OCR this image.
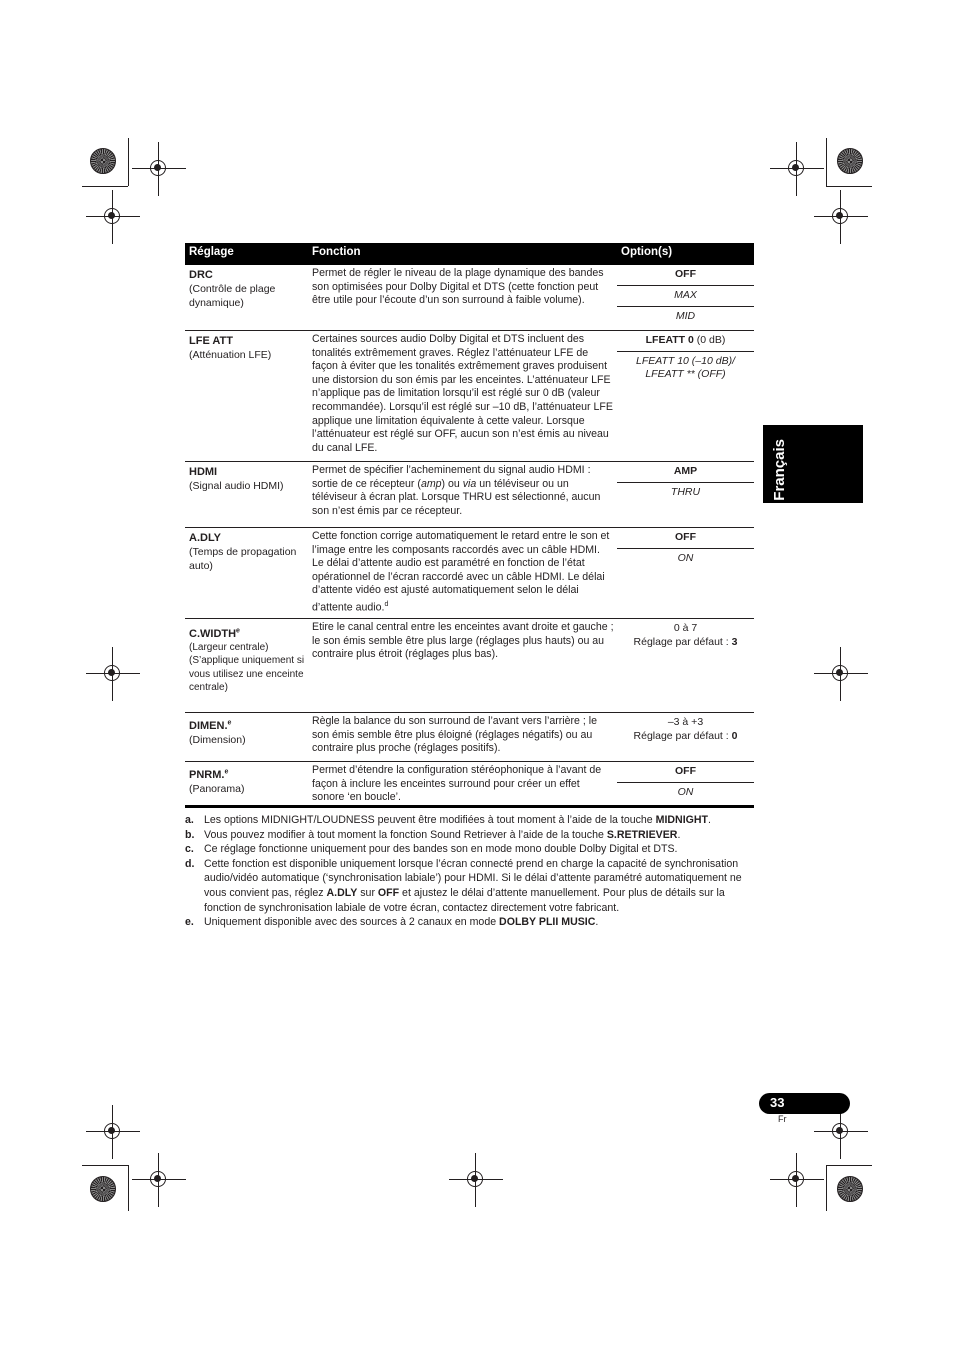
Français
Réglage	Fonction	Option(s)
DRC
(Contrôle de plage dynamique)
Permet de régler le niveau de la plage dynamique des bandes son optimisées pour Dolby Digital et DTS (cette fonction peut être utile pour l’écoute d’un son surround à faible volume).
OFF
MAX
MID
LFE ATT
(Atténuation LFE)
Certaines sources audio Dolby Digital et DTS incluent des tonalités extrêmement graves. Réglez l’atténuateur LFE de façon à éviter que les tonalités extrêmement graves produisent une distorsion du son émis par les enceintes. L’atténuateur LFE n’applique pas de limitation lorsqu’il est réglé sur 0 dB (valeur recommandée). Lorsqu’il est réglé sur –10 dB, l’atténuateur LFE applique une limitation équivalente à cette valeur. Lorsque l’atténuateur est réglé sur OFF, aucun son n’est émis au niveau du canal LFE.
LFEATT 0 (0 dB)
LFEATT 10 (–10 dB)/ LFEATT ** (OFF)
HDMI
(Signal audio HDMI)
Permet de spécifier l’acheminement du signal audio HDMI : sortie de ce récepteur (amp) ou via un téléviseur ou un téléviseur à écran plat. Lorsque THRU est sélectionné, aucun son n’est émis par ce récepteur.
AMP
THRU
A.DLY
(Temps de propagation auto)
Cette fonction corrige automatiquement le retard entre le son et l’image entre les composants raccordés avec un câble HDMI. Le délai d’attente audio est paramétré en fonction de l’état opérationnel de l’écran raccordé avec un câble HDMI. Le délai d’attente vidéo est ajusté automatiquement selon le délai d’attente audio.$^d$
OFF
ON
C.WIDTH$^e$
(Largeur centrale) (S’applique uniquement si vous utilisez une enceinte centrale)
Etire le canal central entre les enceintes avant droite et gauche ; le son émis semble être plus large (réglages plus hauts) ou au contraire plus étroit (réglages plus bas).
0 à 7
Réglage par défaut : 3
DIMEN.$^e$
(Dimension)
Règle la balance du son surround de l’avant vers l’arrière ; le son émis semble être plus éloigné (réglages négatifs) ou au contraire plus proche (réglages positifs).
–3 à +3
Réglage par défaut : 0
PNRM.$^e$
(Panorama)
Permet d’étendre la configuration stéréophonique à l’avant de façon à inclure les enceintes surround pour créer un effet sonore ‘en boucle’.
OFF
ON
a. Les options MIDNIGHT/LOUDNESS peuvent être modifiées à tout moment à l’aide de la touche MIDNIGHT.
b. Vous pouvez modifier à tout moment la fonction Sound Retriever à l’aide de la touche S.RETRIEVER.
c. Ce réglage fonctionne uniquement pour des bandes son en mode mono double Dolby Digital et DTS.
d. Cette fonction est disponible uniquement lorsque l’écran connecté prend en charge la capacité de synchronisation audio/vidéo automatique (‘synchronisation labiale’) pour HDMI. Si le délai d’attente paramétré automatiquement ne vous convient pas, réglez A.DLY sur OFF et ajustez le délai d’attente manuellement. Pour plus de détails sur la fonction de synchronisation labiale de votre écran, contactez directement votre fabricant.
e. Uniquement disponible avec des sources à 2 canaux en mode DOLBY PLII MUSIC.
33
Fr
